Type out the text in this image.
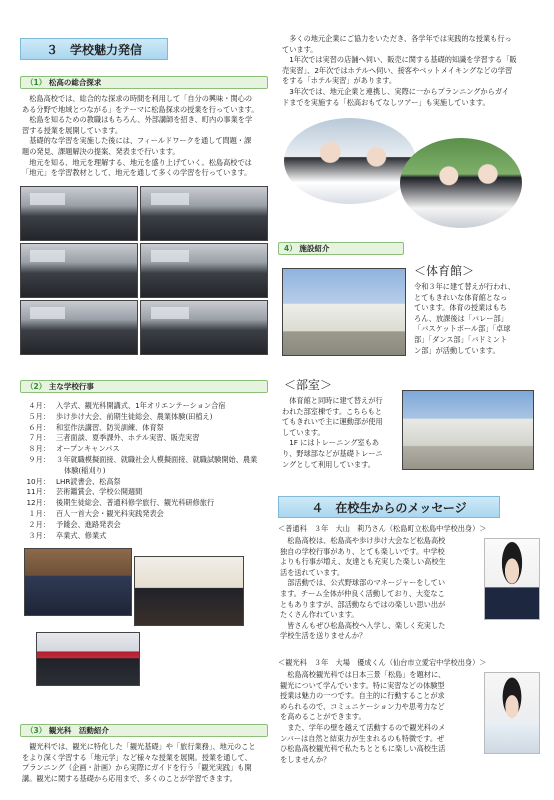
３　学校魅力発信
（1） 松高の総合探求
　松島高校では、総合的な探求の時間を利用して「自分の興味・関心の
ある分野で地域とつながる」をテーマに松島探求の授業を行っています。
　松島を知るための教職はもちろん、外部講師を招き、町内の事業を学
習する授業を展開しています。
　基礎的な学習を実施した後には、フィールドワークを通して問題・課
題の発見、課題解決の提案、発表まで行います。
　地元を知る、地元を理解する、地元を盛り上げていく。松島高校では
「地元」を学習教材として、地元を通して多くの学習を行っています。
（2） 主な学校行事
４月： 入学式、観光科開講式、1年オリエンテーション合宿
５月： 歩け歩け大会、前期生徒総会、農業体験(田植え)
６月： 和室作法講習、防災訓練、体育祭
７月： 三者面談、夏季課外、ホテル実習、販売実習
８月： オープンキャンパス
９月： ３年就職模擬面接、就職社会人模擬面接、就職試験開始、農業
体験(稲刈り)
10月： LHR読書会、松高祭
11月： 芸術鑑賞会、学校公開週間
12月： 後期生徒総会、普通科修学旅行、観光科研修旅行
１月： 百人一首大会・観光科実践発表会
２月： 予餞会、進路発表会
３月： 卒業式、修業式
（3） 観光科　活動紹介
　観光科では、観光に特化した「観光基礎」や「旅行業務」、地元のこと
をより深く学習する「地元学」など様々な授業を展開。授業を通して、
プランニング（企画・計画）から実際にガイドを行う「観光実践」も開
講。観光に関する基礎から応用まで、多くのことが学習できます。
　多くの地元企業にご協力をいただき、各学年では実践的な授業も行っ
ています。
　1年次では実習の店舗へ伺い、販売に関する基礎的知識を学習する「販
売実習」、2年次ではホテルへ伺い、接客やベットメイキングなどの学習
をする「ホテル実習」があります。
　3年次では、地元企業と連携し、実際に一からプランニングからガイ
ドまでを実施する「松高おもてなしツアー」も実施しています。
4） 施設紹介
＜体育館＞
令和３年に建て替えが行われ、
とてもきれいな体育館となっ
ています。体育の授業はもち
ろん、放課後は「バレー部」
「バスケットボール部」「卓球
部」「ダンス部」「バドミント
ン部」が活動しています。
＜部室＞
　体育館と同時に建て替えが行
われた部室棟です。こちらもと
てもきれいで主に運動部が使用
しています。
　1F にはトレーニング室もあ
り、野球部などが基礎トレーニ
ングとして利用しています。
４　在校生からのメッセージ
＜普通科　３年　大山　莉乃さん（松島町立松島中学校出身）＞
　松島高校は、松島高や歩け歩け大会など松島高校
独自の学校行事があり、とても楽しいです。中学校
よりも行事が増え、友達とも充実した楽しい高校生
活を送れています。
　部活動では、公式野球部のマネージャーをしてい
ます。チーム全体が仲良く活動しており、大変なこ
ともありますが、部活動ならではの楽しい思い出が
たくさん作れています。
　皆さんもぜひ松島高校へ入学し、楽しく充実した
学校生活を送りませんか？
＜観光科　３年　大場　優成くん（仙台市立愛宕中学校出身）＞
　松島高校観光科では日本三景「松島」を題材に、
観光について学んでいます。特に実習などの体験型
授業は魅力の一つです。自主的に行動することが求
められるので、コミュニケーション力や思考力など
を高めることができます。
　また、学年の壁を越えて活動するので観光科のメ
ンバーは自然と結束力が生まれるのも特徴です。ぜ
ひ松島高校観光科で私たちとともに楽しい高校生活
をしませんか？
